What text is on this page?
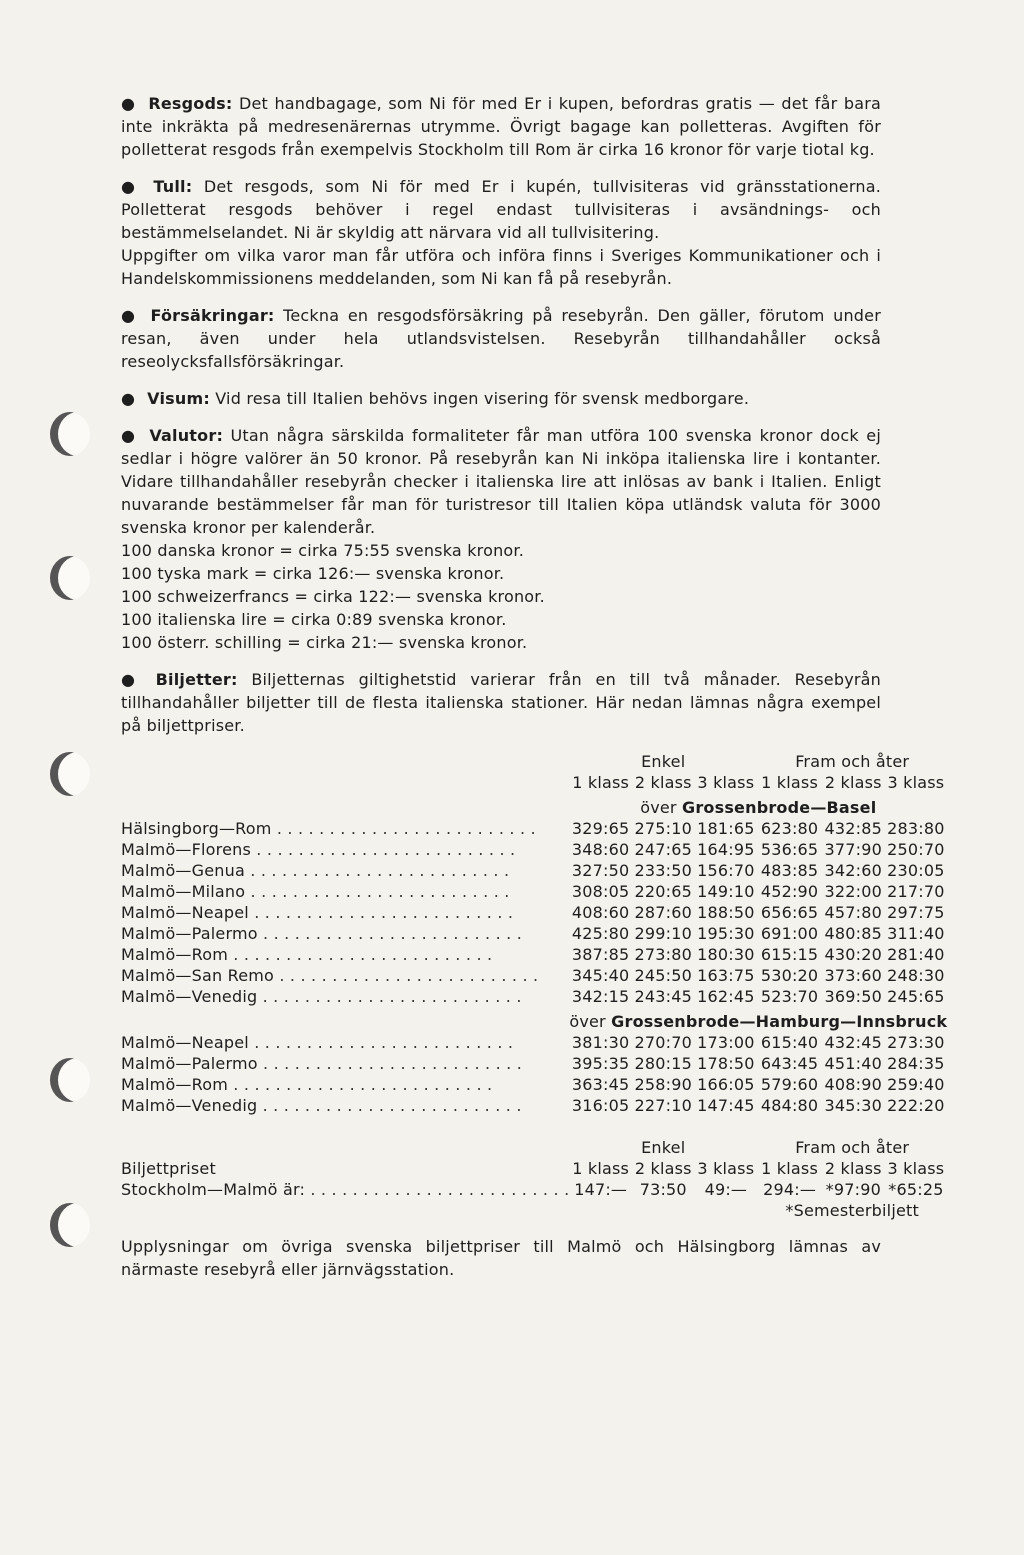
● Resgods: Det handbagage, som Ni för med Er i kupen, befordras gratis — det får bara inte inkräkta på medresenärernas utrymme. Övrigt bagage kan polletteras. Avgiften för polletterat resgods från exempelvis Stockholm till Rom är cirka 16 kronor för varje tiotal kg.

● Tull: Det resgods, som Ni för med Er i kupén, tullvisiteras vid gränsstationerna. Polletterat resgods behöver i regel endast tullvisiteras i avsändnings- och bestämmelselandet. Ni är skyldig att närvara vid all tullvisitering.

Uppgifter om vilka varor man får utföra och införa finns i Sveriges Kommunikationer och i Handelskommissionens meddelanden, som Ni kan få på resebyrån.

● Försäkringar: Teckna en resgodsförsäkring på resebyrån. Den gäller, förutom under resan, även under hela utlandsvistelsen. Resebyrån tillhandahåller också reseolycksfallsförsäkringar.

● Visum: Vid resa till Italien behövs ingen visering för svensk medborgare.

● Valutor: Utan några särskilda formaliteter får man utföra 100 svenska kronor dock ej sedlar i högre valörer än 50 kronor. På resebyrån kan Ni inköpa italienska lire i kontanter. Vidare tillhandahåller resebyrån checker i italienska lire att inlösas av bank i Italien. Enligt nuvarande bestämmelser får man för turistresor till Italien köpa utländsk valuta för 3000 svenska kronor per kalenderår.

100 danska kronor = cirka 75:55 svenska kronor.

100 tyska mark = cirka 126:— svenska kronor.

100 schweizerfrancs = cirka 122:— svenska kronor.

100 italienska lire = cirka 0:89 svenska kronor.

100 österr. schilling = cirka 21:— svenska kronor.

● Biljetter: Biljetternas giltighetstid varierar från en till två månader. Resebyrån tillhandahåller biljetter till de flesta italienska stationer. Här nedan lämnas några exempel på biljettpriser.

	Enkel			Fram och åter		
	1 klass	2 klass	3 klass	1 klass	2 klass	3 klass
	över Grossenbrode—Basel					
Hälsingborg—Rom . . .	329:65	275:10	181:65	623:80	432:85	283:80
Malmö—Florens . . .	348:60	247:65	164:95	536:65	377:90	250:70
Malmö—Genua . . .	327:50	233:50	156:70	483:85	342:60	230:05
Malmö—Milano . . .	308:05	220:65	149:10	452:90	322:00	217:70
Malmö—Neapel . . .	408:60	287:60	188:50	656:65	457:80	297:75
Malmö—Palermo . . .	425:80	299:10	195:30	691:00	480:85	311:40
Malmö—Rom . . .	387:85	273:80	180:30	615:15	430:20	281:40
Malmö—San Remo . . .	345:40	245:50	163:75	530:20	373:60	248:30
Malmö—Venedig . . .	342:15	243:45	162:45	523:70	369:50	245:65
	över Grossenbrode—Hamburg—Innsbruck					
Malmö—Neapel . . .	381:30	270:70	173:00	615:40	432:45	273:30
Malmö—Palermo . . .	395:35	280:15	178:50	643:45	451:40	284:35
Malmö—Rom . . .	363:45	258:90	166:05	579:60	408:90	259:40
Malmö—Venedig . . .	316:05	227:10	147:45	484:80	345:30	222:20

	Enkel			Fram och åter		
Biljettpriset	1 klass	2 klass	3 klass	1 klass	2 klass	3 klass
Stockholm—Malmö är: . . .	147:—	73:50	49:—	294:—	*97:90	*65:25
				*Semesterbiljett		

Upplysningar om övriga svenska biljettpriser till Malmö och Hälsingborg lämnas av närmaste resebyrå eller järnvägsstation.
